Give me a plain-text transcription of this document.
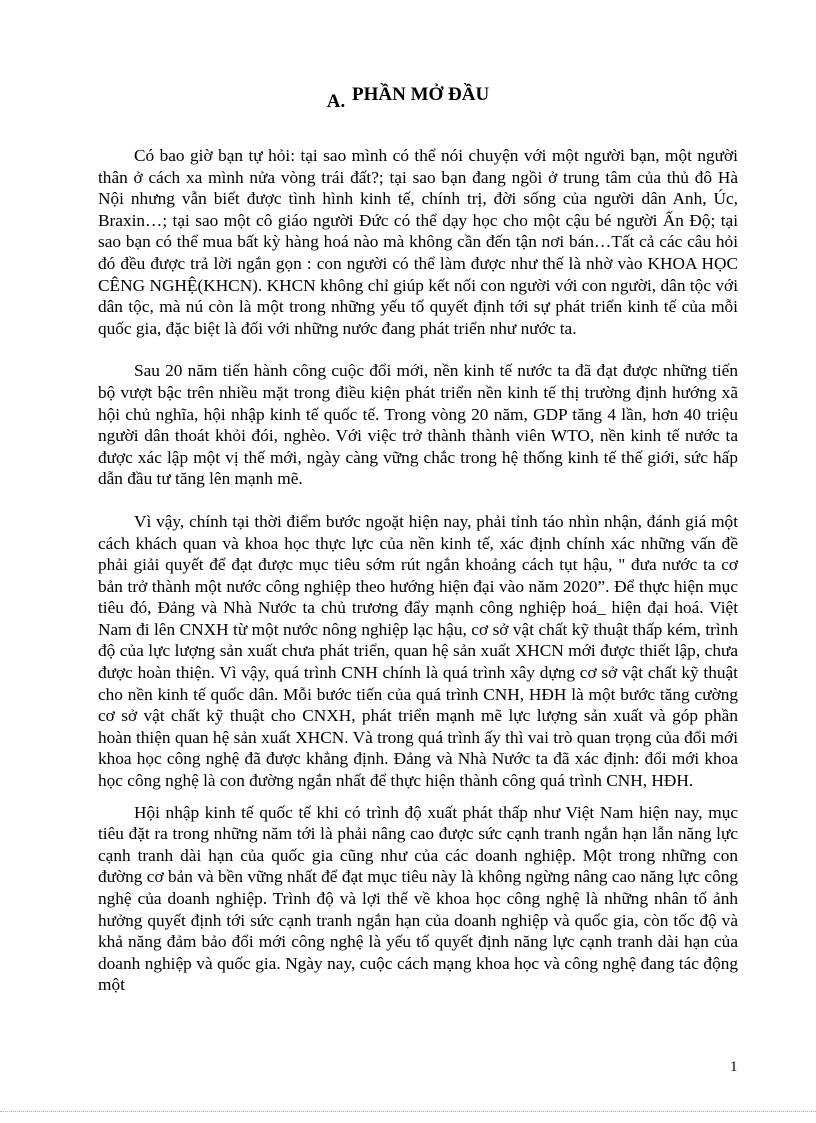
A. PHẦN MỞ ĐẦU

Có bao giờ bạn tự hỏi: tại sao mình có thể nói chuyện với một người bạn, một người thân ở cách xa mình nửa vòng trái đất?; tại sao bạn đang ngồi ở trung tâm của thủ đô Hà Nội nhưng vẫn biết được tình hình kinh tế, chính trị, đời sống của người dân Anh, Úc, Braxin…; tại sao một cô giáo người Đức có thể dạy học cho một cậu bé người Ấn Độ; tại sao bạn có thể mua bất kỳ hàng hoá nào mà không cần đến tận nơi bán…Tất cả các câu hỏi đó đều được trả lời ngắn gọn : con người có thể làm được như thế là nhờ vào KHOA HỌC CÊNG NGHỆ(KHCN). KHCN không chỉ giúp kết nối con người với con người, dân tộc với dân tộc, mà nú còn là một trong những yếu tố quyết định tới sự phát triển kinh tế của mỗi quốc gia, đặc biệt là đối với những nước đang phát triển như nước ta.

Sau 20 năm tiến hành công cuộc đổi mới, nền kinh tế nước ta đã đạt được những tiến bộ vượt bậc trên nhiều mặt trong điều kiện phát triển nền kinh tế thị trường định hướng xã hội chủ nghĩa, hội nhập kinh tế quốc tế. Trong vòng 20 năm, GDP tăng 4 lần, hơn 40 triệu người dân thoát khỏi đói, nghèo. Với việc trở thành thành viên WTO, nền kinh tế nước ta được xác lập một vị thế mới, ngày càng vững chắc trong hệ thống kinh tế thế giới, sức hấp dẫn đầu tư tăng lên mạnh mẽ.

Vì vậy, chính tại thời điểm bước ngoặt hiện nay, phải tỉnh táo nhìn nhận, đánh giá một cách khách quan và khoa học thực lực của nền kinh tế, xác định chính xác những vấn đề phải giải quyết để đạt được mục tiêu sớm rút ngắn khoảng cách tụt hậu, " đưa nước ta cơ bản trở thành một nước công nghiệp theo hướng hiện đại vào năm 2020”. Để thực hiện mục tiêu đó, Đảng và Nhà Nước ta chủ trương đẩy mạnh công nghiệp hoá_ hiện đại hoá. Việt Nam đi lên CNXH từ một nước nông nghiệp lạc hậu, cơ sở vật chất kỹ thuật thấp kém, trình độ của lực lượng sản xuất chưa phát triển, quan hệ sản xuất XHCN mới được thiết lập, chưa được hoàn thiện. Vì vậy, quá trình CNH chính là quá trình xây dựng cơ sở vật chất kỹ thuật cho nền kinh tế quốc dân. Mỗi bước tiến của quá trình CNH, HĐH là một bước tăng cường cơ sở vật chất kỹ thuật cho CNXH, phát triển mạnh mẽ lực lượng sản xuất và góp phần hoàn thiện quan hệ sản xuất XHCN. Và trong quá trình ấy thì vai trò quan trọng của đổi mới khoa học công nghệ đã được khẳng định. Đảng và Nhà Nước ta đã xác định: đổi mới khoa học công nghệ là con đường ngắn nhất để thực hiện thành công quá trình CNH, HĐH.

Hội nhập kinh tế quốc tế khi có trình độ xuất phát thấp như Việt Nam hiện nay, mục tiêu đặt ra trong những năm tới là phải nâng cao được sức cạnh tranh ngắn hạn lẫn năng lực cạnh tranh dài hạn của quốc gia cũng như của các doanh nghiệp. Một trong những con đường cơ bản và bền vững nhất để đạt mục tiêu này là không ngừng nâng cao năng lực công nghệ của doanh nghiệp. Trình độ và lợi thế về khoa học công nghệ là những nhân tố ảnh hưởng quyết định tới sức cạnh tranh ngắn hạn của doanh nghiệp và quốc gia, còn tốc độ và khả năng đảm bảo đổi mới công nghệ là yếu tố quyết định năng lực cạnh tranh dài hạn của doanh nghiệp và quốc gia. Ngày nay, cuộc cách mạng khoa học và công nghệ đang tác động một

1
